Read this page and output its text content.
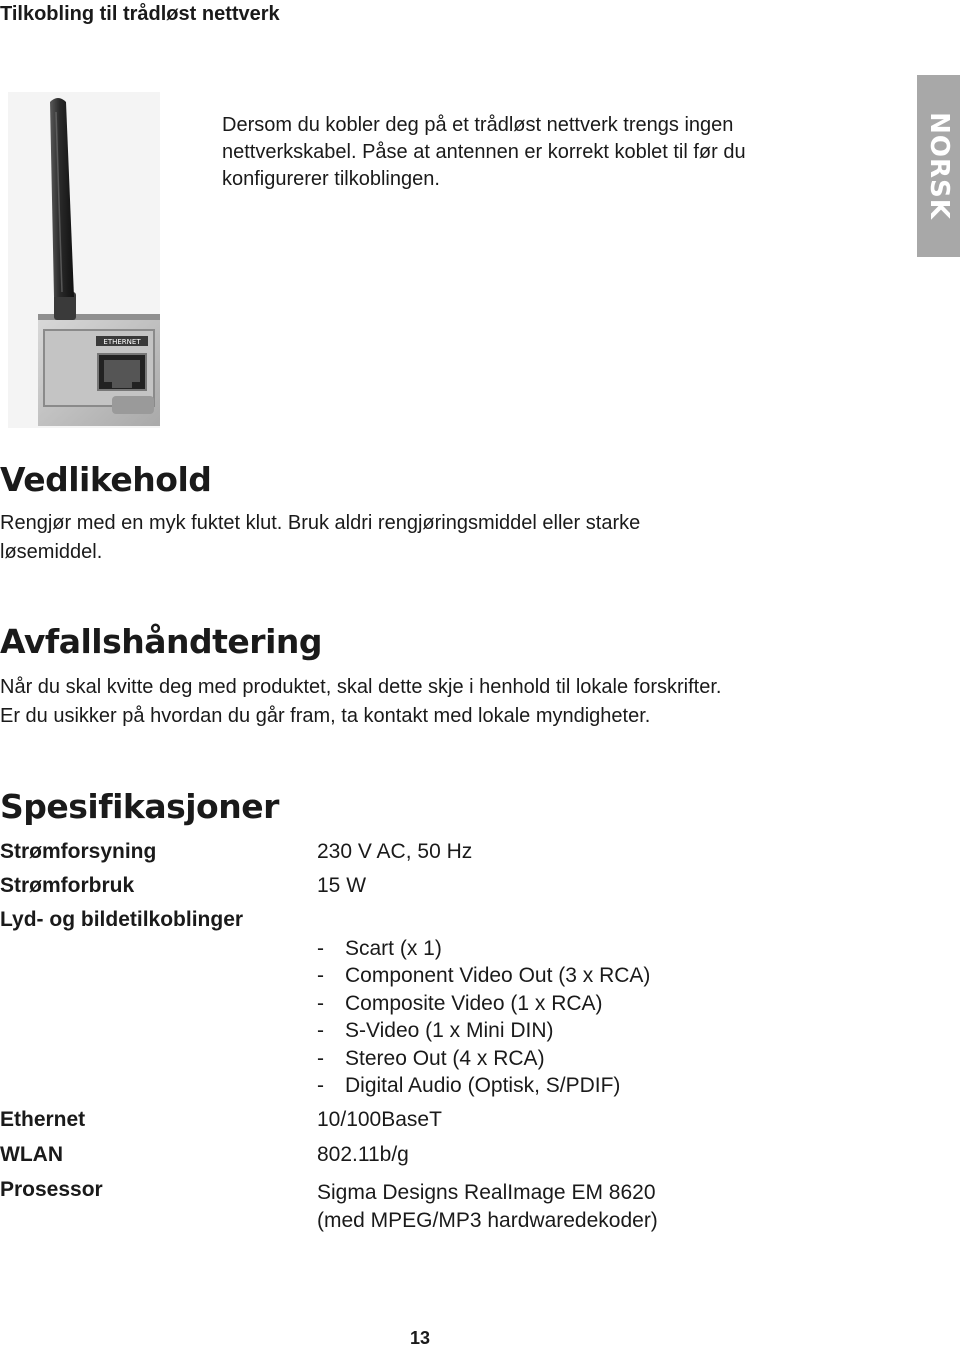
Tilkobling til trådløst nettverk
NORSK
ETHERNET
Dersom du kobler deg på et trådløst nettverk trengs ingen
nettverkskabel. Påse at antennen er korrekt koblet til før du
konfigurerer tilkoblingen.
Vedlikehold
Rengjør med en myk fuktet klut. Bruk aldri rengjøringsmiddel eller starke
løsemiddel.
Avfallshåndtering
Når du skal kvitte deg med produktet, skal dette skje i henhold til lokale forskrifter.
Er du usikker på hvordan du går fram, ta kontakt med lokale myndigheter.
Spesifikasjoner
Strømforsyning	230 V AC, 50 Hz
Strømforbruk	15 W
Lyd- og bildetilkoblinger
- Scart (x 1)
- Component Video Out (3 x RCA)
- Composite Video (1 x RCA)
- S-Video (1 x Mini DIN)
- Stereo Out (4 x RCA)
- Digital Audio (Optisk, S/PDIF)
Ethernet	10/100BaseT
WLAN	802.11b/g
Prosessor	Sigma Designs RealImage EM 8620
(med MPEG/MP3 hardwaredekoder)
13
